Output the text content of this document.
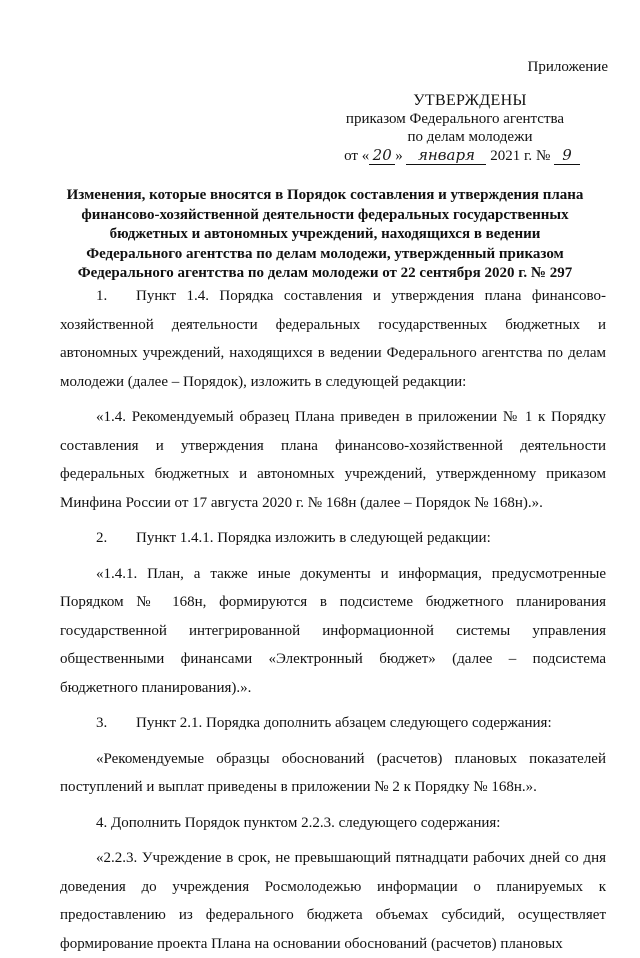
Приложение
УТВЕРЖДЕНЫ
приказом Федерального агентства
по делам молодежи
от « 20 » января 2021 г. № 9
Изменения, которые вносятся в Порядок составления и утверждения плана финансово-хозяйственной деятельности федеральных государственных бюджетных и автономных учреждений, находящихся в ведении Федерального агентства по делам молодежи, утвержденный приказом Федерального агентства по делам молодежи от 22 сентября 2020 г. № 297

1. Пункт 1.4. Порядка составления и утверждения плана финансово-хозяйственной деятельности федеральных государственных бюджетных и автономных учреждений, находящихся в ведении Федерального агентства по делам молодежи (далее – Порядок), изложить в следующей редакции:

«1.4. Рекомендуемый образец Плана приведен в приложении № 1 к Порядку составления и утверждения плана финансово-хозяйственной деятельности федеральных бюджетных и автономных учреждений, утвержденному приказом Минфина России от 17 августа 2020 г. № 168н (далее – Порядок № 168н).».

2. Пункт 1.4.1. Порядка изложить в следующей редакции:

«1.4.1. План, а также иные документы и информация, предусмотренные Порядком № 168н, формируются в подсистеме бюджетного планирования государственной интегрированной информационной системы управления общественными финансами «Электронный бюджет» (далее – подсистема бюджетного планирования).».

3. Пункт 2.1. Порядка дополнить абзацем следующего содержания:

«Рекомендуемые образцы обоснований (расчетов) плановых показателей поступлений и выплат приведены в приложении № 2 к Порядку № 168н.».

4. Дополнить Порядок пунктом 2.2.3. следующего содержания:

«2.2.3. Учреждение в срок, не превышающий пятнадцати рабочих дней со дня доведения до учреждения Росмолодежью информации о планируемых к предоставлению из федерального бюджета объемах субсидий, осуществляет формирование проекта Плана на основании обоснований (расчетов) плановых
